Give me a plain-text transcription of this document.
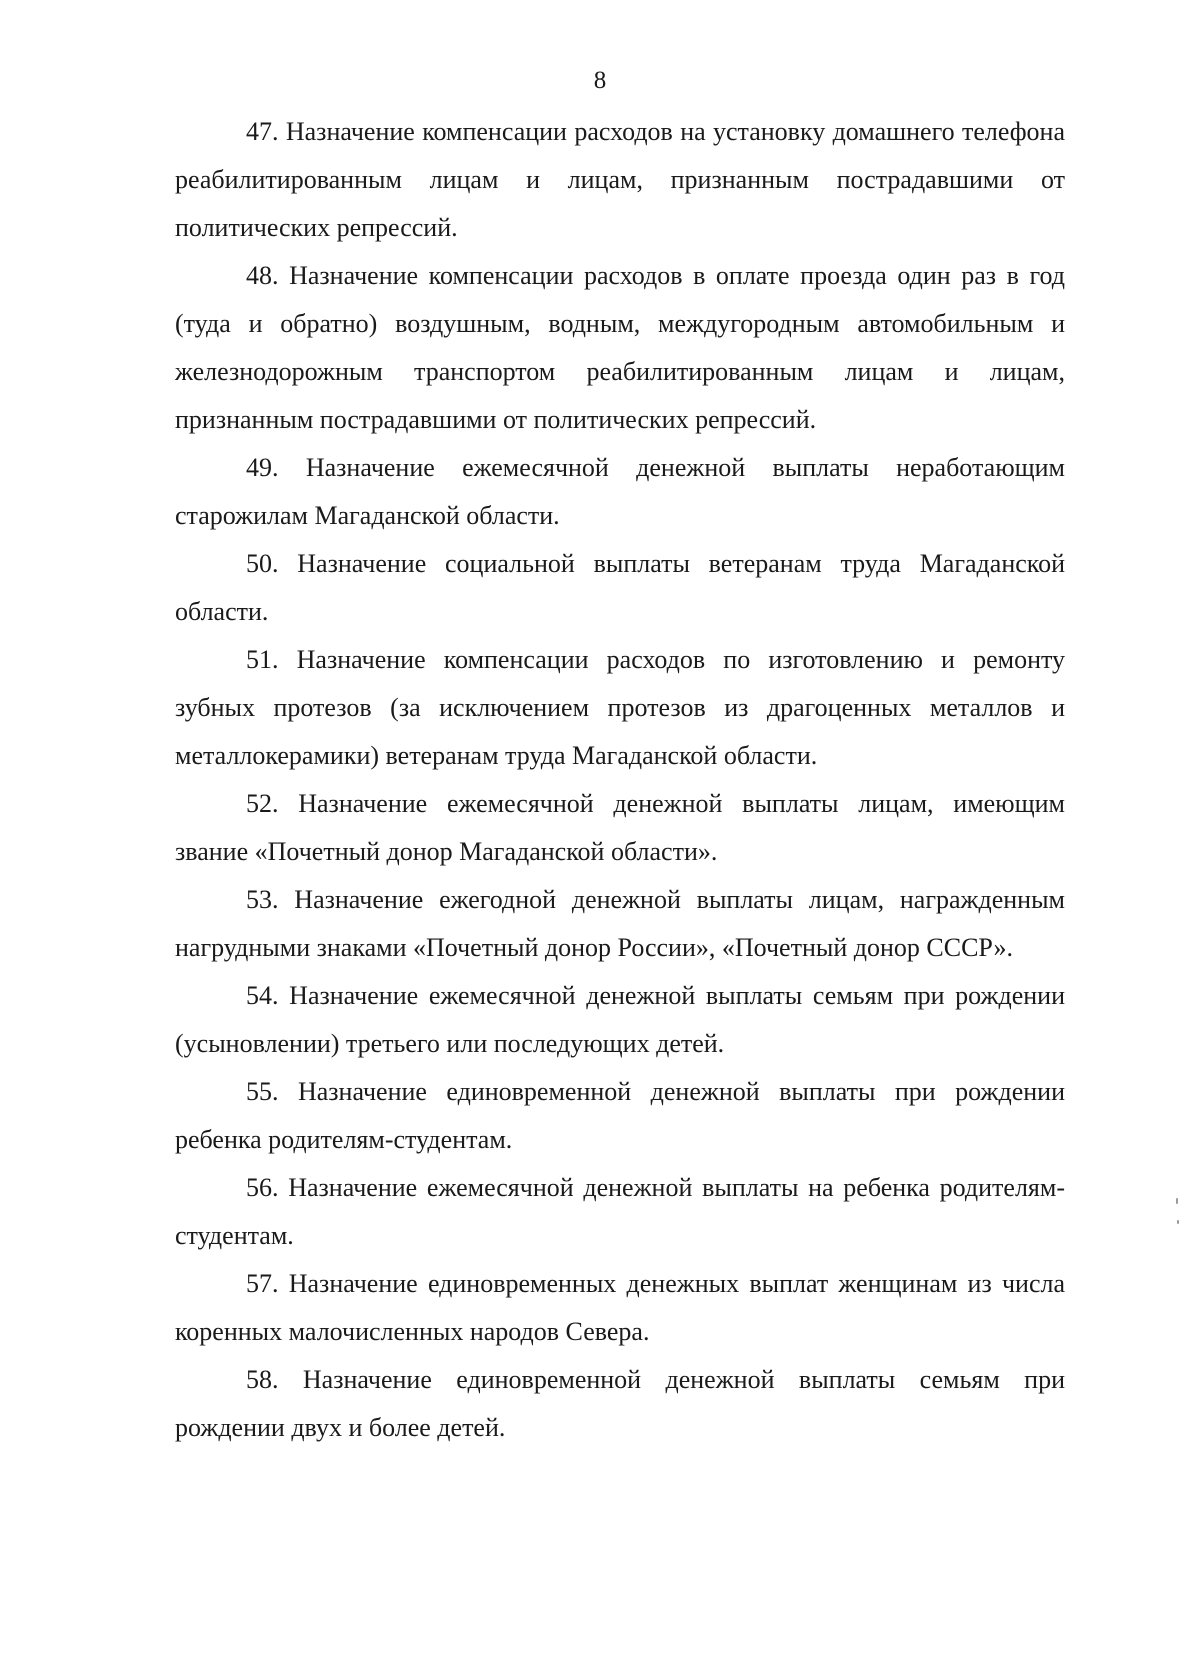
8

47. Назначение компенсации расходов на установку домашнего телефона реабилитированным лицам и лицам, признанным пострадавшими от политических репрессий.

48. Назначение компенсации расходов в оплате проезда один раз в год (туда и обратно) воздушным, водным, междугородным автомобильным и железнодорожным транспортом реабилитированным лицам и лицам, признанным пострадавшими от политических репрессий.

49. Назначение ежемесячной денежной выплаты неработающим старожилам Магаданской области.

50. Назначение социальной выплаты ветеранам труда Магаданской области.

51. Назначение компенсации расходов по изготовлению и ремонту зубных протезов (за исключением протезов из драгоценных металлов и металлокерамики) ветеранам труда Магаданской области.

52. Назначение ежемесячной денежной выплаты лицам, имеющим звание «Почетный донор Магаданской области».

53. Назначение ежегодной денежной выплаты лицам, награжденным нагрудными знаками «Почетный донор России», «Почетный донор СССР».

54. Назначение ежемесячной денежной выплаты семьям при рождении (усыновлении) третьего или последующих детей.

55. Назначение единовременной денежной выплаты при рождении ребенка родителям-студентам.

56. Назначение ежемесячной денежной выплаты на ребенка родителям-студентам.

57. Назначение единовременных денежных выплат женщинам из числа коренных малочисленных народов Севера.

58. Назначение единовременной денежной выплаты семьям при рождении двух и более детей.
